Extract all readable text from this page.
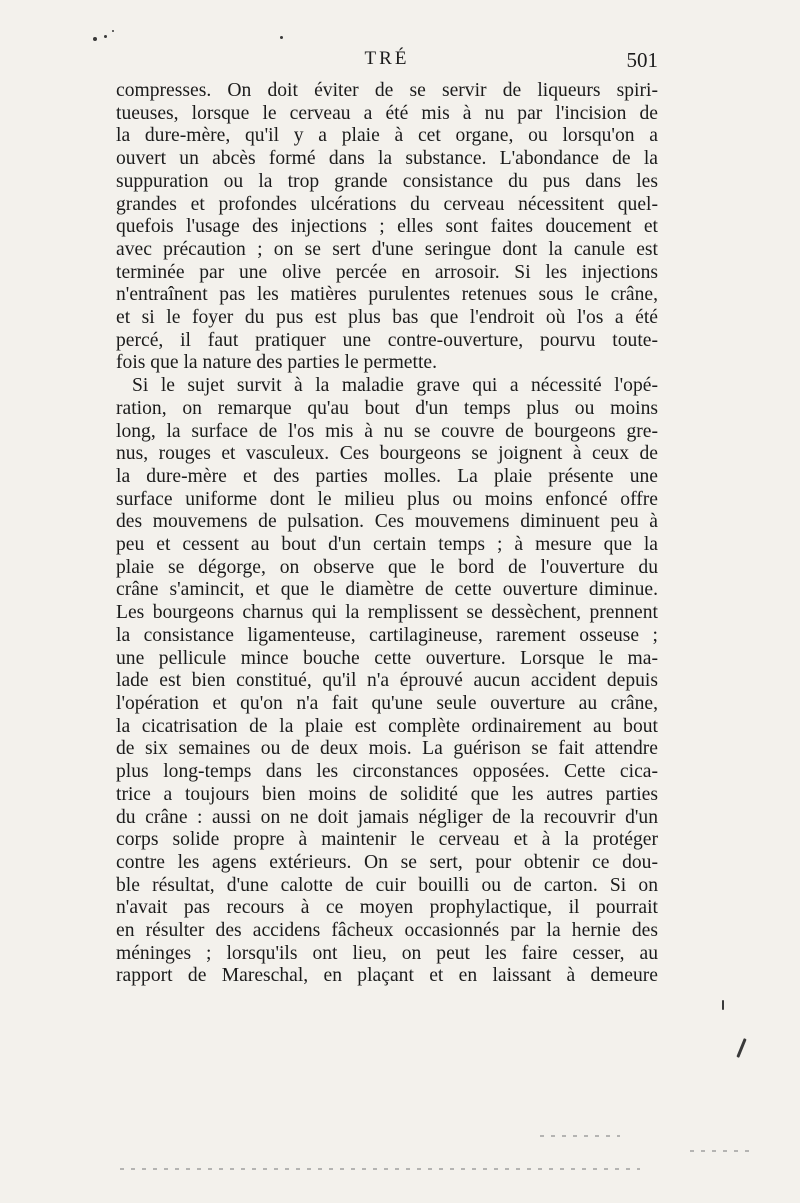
TRÉ	501
compresses. On doit éviter de se servir de liqueurs spiri-
tueuses, lorsque le cerveau a été mis à nu par l'incision de
la dure-mère, qu'il y a plaie à cet organe, ou lorsqu'on a
ouvert un abcès formé dans la substance. L'abondance de la
suppuration ou la trop grande consistance du pus dans les
grandes et profondes ulcérations du cerveau nécessitent quel-
quefois l'usage des injections ; elles sont faites doucement et
avec précaution ; on se sert d'une seringue dont la canule est
terminée par une olive percée en arrosoir. Si les injections
n'entraînent pas les matières purulentes retenues sous le crâne,
et si le foyer du pus est plus bas que l'endroit où l'os a été
percé, il faut pratiquer une contre-ouverture, pourvu toute-
fois que la nature des parties le permette.
Si le sujet survit à la maladie grave qui a nécessité l'opé-
ration, on remarque qu'au bout d'un temps plus ou moins
long, la surface de l'os mis à nu se couvre de bourgeons gre-
nus, rouges et vasculeux. Ces bourgeons se joignent à ceux de
la dure-mère et des parties molles. La plaie présente une
surface uniforme dont le milieu plus ou moins enfoncé offre
des mouvemens de pulsation. Ces mouvemens diminuent peu à
peu et cessent au bout d'un certain temps ; à mesure que la
plaie se dégorge, on observe que le bord de l'ouverture du
crâne s'amincit, et que le diamètre de cette ouverture diminue.
Les bourgeons charnus qui la remplissent se dessèchent, prennent
la consistance ligamenteuse, cartilagineuse, rarement osseuse ;
une pellicule mince bouche cette ouverture. Lorsque le ma-
lade est bien constitué, qu'il n'a éprouvé aucun accident depuis
l'opération et qu'on n'a fait qu'une seule ouverture au crâne,
la cicatrisation de la plaie est complète ordinairement au bout
de six semaines ou de deux mois. La guérison se fait attendre
plus long-temps dans les circonstances opposées. Cette cica-
trice a toujours bien moins de solidité que les autres parties
du crâne : aussi on ne doit jamais négliger de la recouvrir d'un
corps solide propre à maintenir le cerveau et à la protéger
contre les agens extérieurs. On se sert, pour obtenir ce dou-
ble résultat, d'une calotte de cuir bouilli ou de carton. Si on
n'avait pas recours à ce moyen prophylactique, il pourrait
en résulter des accidens fâcheux occasionnés par la hernie des
méninges ; lorsqu'ils ont lieu, on peut les faire cesser, au
rapport de Mareschal, en plaçant et en laissant à demeure
